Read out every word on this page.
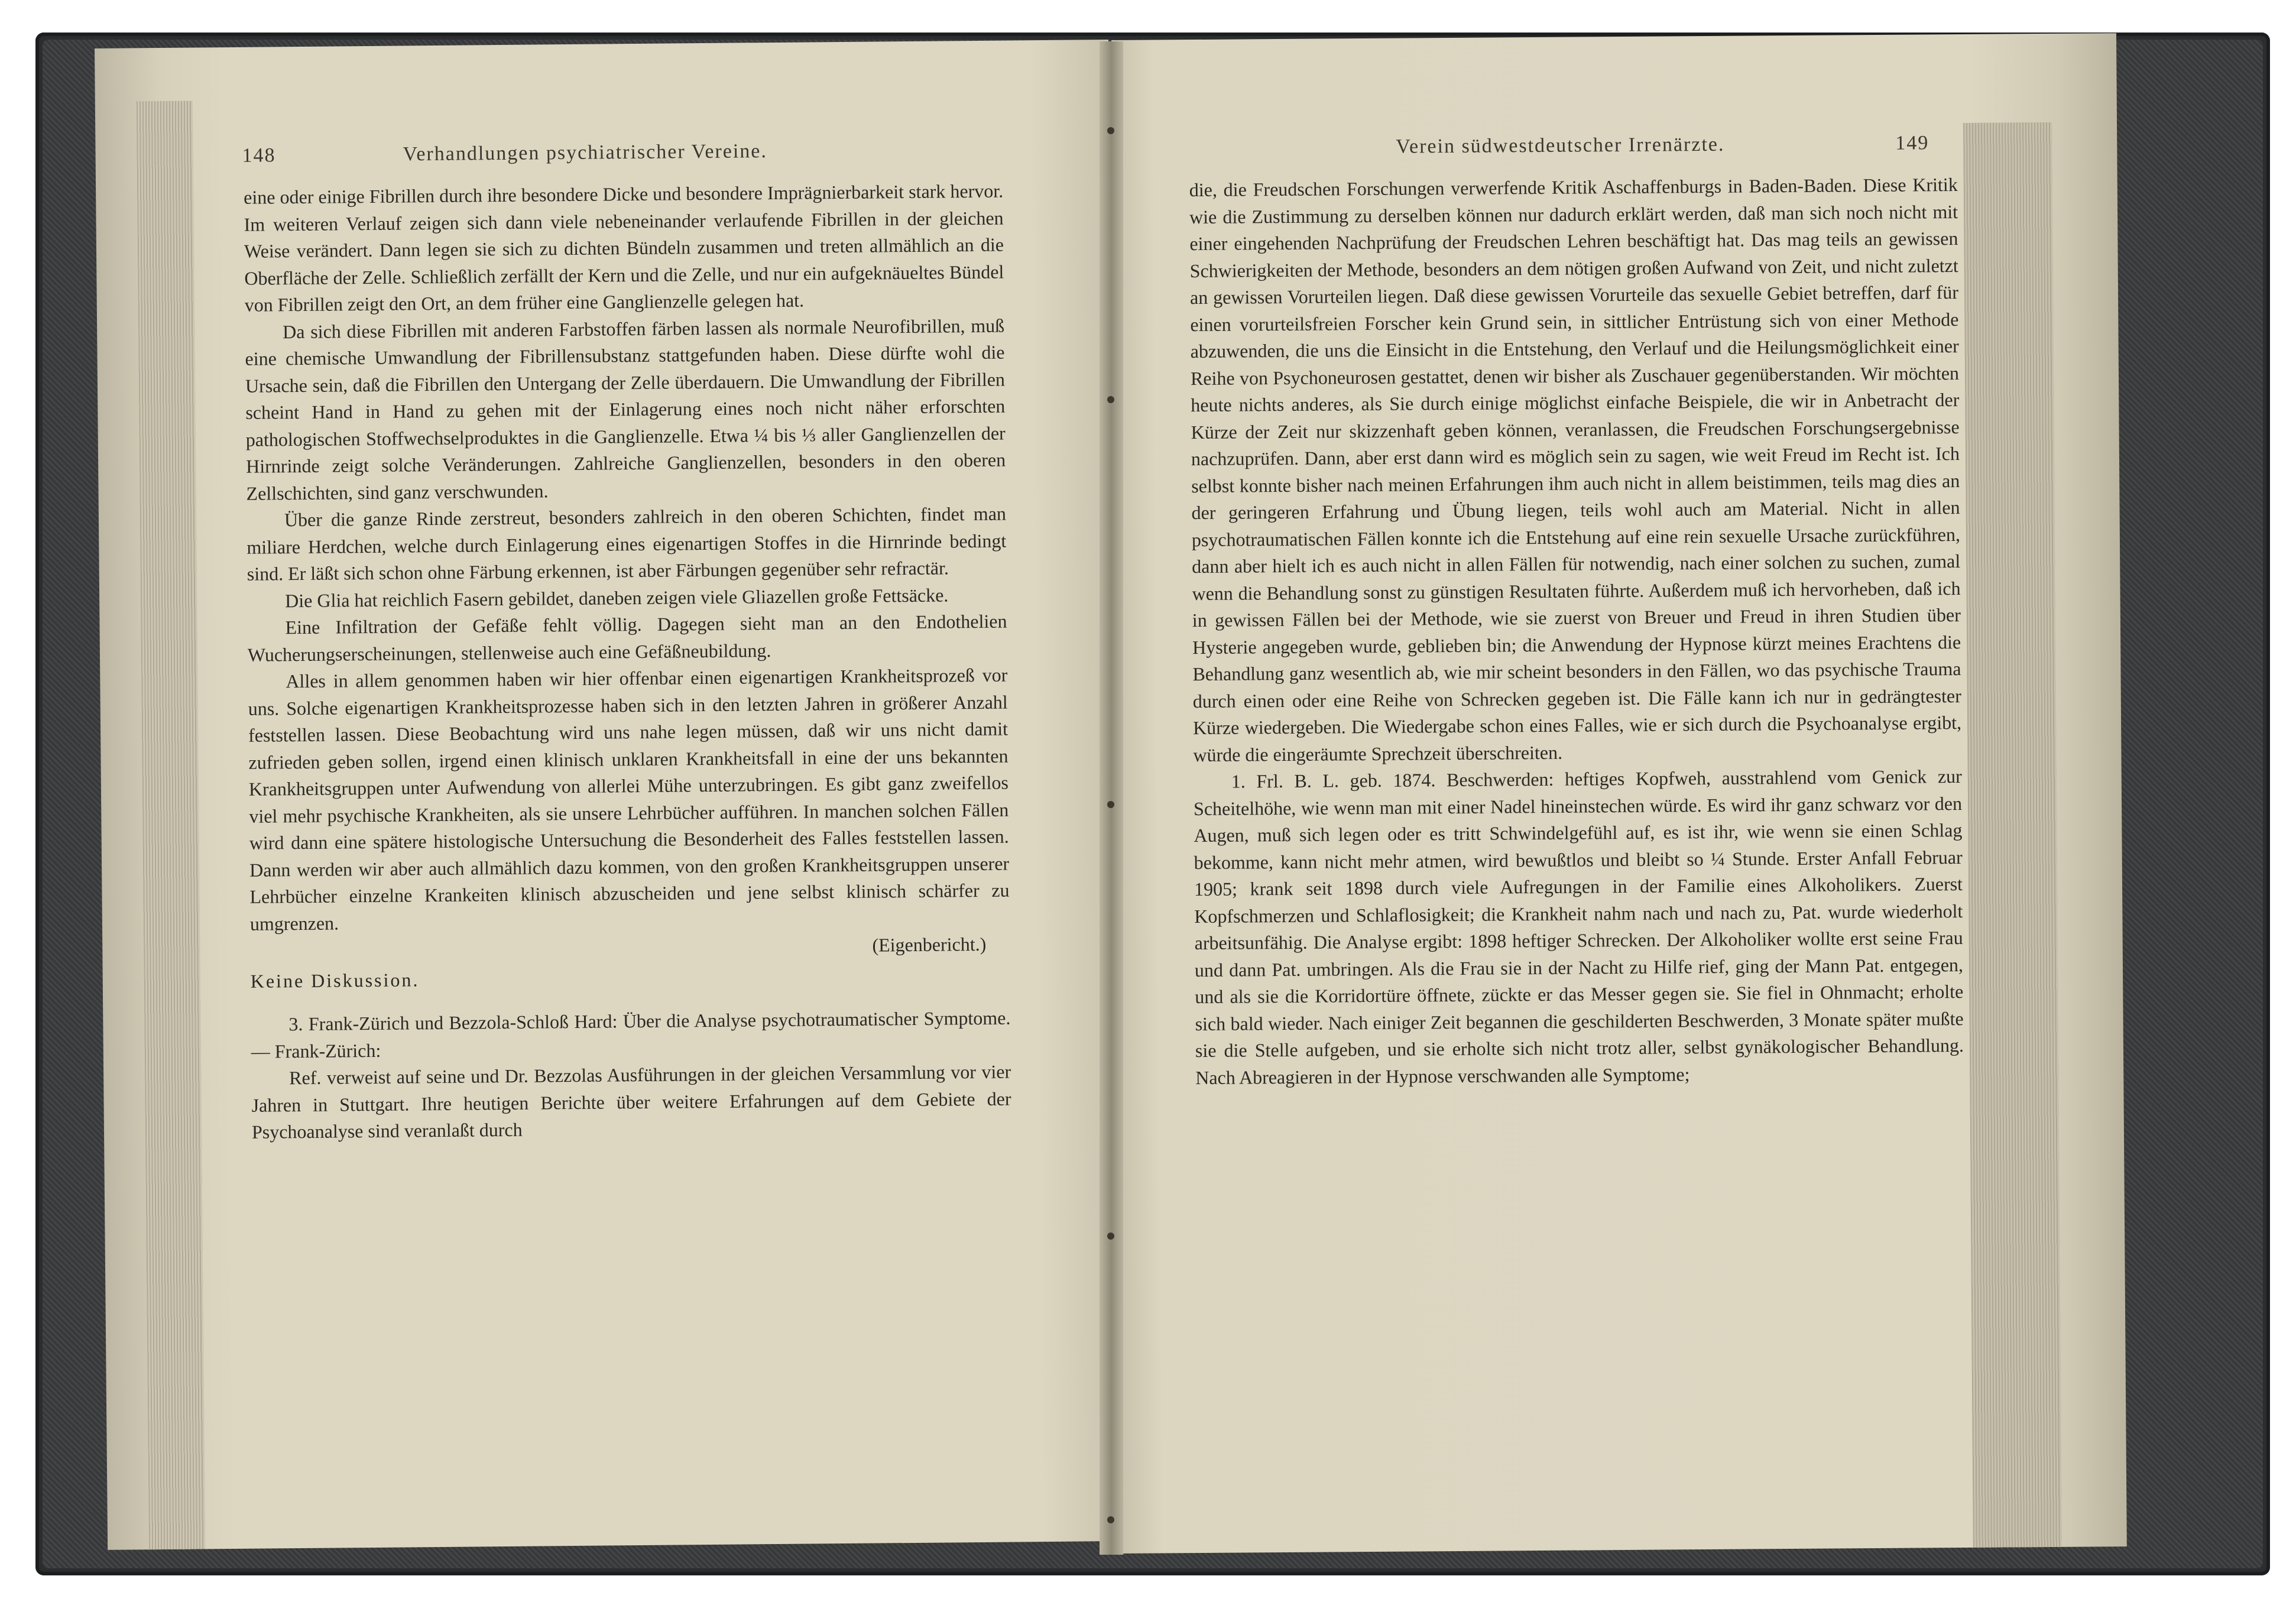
148	Verhandlungen psychiatrischer Vereine.

eine oder einige Fibrillen durch ihre besondere Dicke und besondere Imprägnierbarkeit stark hervor. Im weiteren Verlauf zeigen sich dann viele nebeneinander verlaufende Fibrillen in der gleichen Weise verändert. Dann legen sie sich zu dichten Bündeln zusammen und treten allmählich an die Oberfläche der Zelle. Schließlich zerfällt der Kern und die Zelle, und nur ein aufgeknäueltes Bündel von Fibrillen zeigt den Ort, an dem früher eine Ganglienzelle gelegen hat.

Da sich diese Fibrillen mit anderen Farbstoffen färben lassen als normale Neurofibrillen, muß eine chemische Umwandlung der Fibrillensubstanz stattgefunden haben. Diese dürfte wohl die Ursache sein, daß die Fibrillen den Untergang der Zelle überdauern. Die Umwandlung der Fibrillen scheint Hand in Hand zu gehen mit der Einlagerung eines noch nicht näher erforschten pathologischen Stoffwechselproduktes in die Ganglienzelle. Etwa ¼ bis ⅓ aller Ganglienzellen der Hirnrinde zeigt solche Veränderungen. Zahlreiche Ganglienzellen, besonders in den oberen Zellschichten, sind ganz verschwunden.

Über die ganze Rinde zerstreut, besonders zahlreich in den oberen Schichten, findet man miliare Herdchen, welche durch Einlagerung eines eigenartigen Stoffes in die Hirnrinde bedingt sind. Er läßt sich schon ohne Färbung erkennen, ist aber Färbungen gegenüber sehr refractär.

Die Glia hat reichlich Fasern gebildet, daneben zeigen viele Gliazellen große Fettsäcke.

Eine Infiltration der Gefäße fehlt völlig. Dagegen sieht man an den Endothelien Wucherungserscheinungen, stellenweise auch eine Gefäßneubildung.

Alles in allem genommen haben wir hier offenbar einen eigenartigen Krankheitsprozeß vor uns. Solche eigenartigen Krankheitsprozesse haben sich in den letzten Jahren in größerer Anzahl feststellen lassen. Diese Beobachtung wird uns nahe legen müssen, daß wir uns nicht damit zufrieden geben sollen, irgend einen klinisch unklaren Krankheitsfall in eine der uns bekannten Krankheitsgruppen unter Aufwendung von allerlei Mühe unterzubringen. Es gibt ganz zweifellos viel mehr psychische Krankheiten, als sie unsere Lehrbücher aufführen. In manchen solchen Fällen wird dann eine spätere histologische Untersuchung die Besonderheit des Falles feststellen lassen. Dann werden wir aber auch allmählich dazu kommen, von den großen Krankheitsgruppen unserer Lehrbücher einzelne Krankeiten klinisch abzuscheiden und jene selbst klinisch schärfer zu umgrenzen.

(Eigenbericht.)

Keine Diskussion.

3. Frank-Zürich und Bezzola-Schloß Hard: Über die Analyse psychotraumatischer Symptome. — Frank-Zürich:

Ref. verweist auf seine und Dr. Bezzolas Ausführungen in der gleichen Versammlung vor vier Jahren in Stuttgart. Ihre heutigen Berichte über weitere Erfahrungen auf dem Gebiete der Psychoanalyse sind veranlaßt durch

Verein südwestdeutscher Irrenärzte.	149

die, die Freudschen Forschungen verwerfende Kritik Aschaffenburgs in Baden-Baden. Diese Kritik wie die Zustimmung zu derselben können nur dadurch erklärt werden, daß man sich noch nicht mit einer eingehenden Nachprüfung der Freudschen Lehren beschäftigt hat. Das mag teils an gewissen Schwierigkeiten der Methode, besonders an dem nötigen großen Aufwand von Zeit, und nicht zuletzt an gewissen Vorurteilen liegen. Daß diese gewissen Vorurteile das sexuelle Gebiet betreffen, darf für einen vorurteilsfreien Forscher kein Grund sein, in sittlicher Entrüstung sich von einer Methode abzuwenden, die uns die Einsicht in die Entstehung, den Verlauf und die Heilungsmöglichkeit einer Reihe von Psychoneurosen gestattet, denen wir bisher als Zuschauer gegenüberstanden. Wir möchten heute nichts anderes, als Sie durch einige möglichst einfache Beispiele, die wir in Anbetracht der Kürze der Zeit nur skizzenhaft geben können, veranlassen, die Freudschen Forschungsergebnisse nachzuprüfen. Dann, aber erst dann wird es möglich sein zu sagen, wie weit Freud im Recht ist. Ich selbst konnte bisher nach meinen Erfahrungen ihm auch nicht in allem beistimmen, teils mag dies an der geringeren Erfahrung und Übung liegen, teils wohl auch am Material. Nicht in allen psychotraumatischen Fällen konnte ich die Entstehung auf eine rein sexuelle Ursache zurückführen, dann aber hielt ich es auch nicht in allen Fällen für notwendig, nach einer solchen zu suchen, zumal wenn die Behandlung sonst zu günstigen Resultaten führte. Außerdem muß ich hervorheben, daß ich in gewissen Fällen bei der Methode, wie sie zuerst von Breuer und Freud in ihren Studien über Hysterie angegeben wurde, geblieben bin; die Anwendung der Hypnose kürzt meines Erachtens die Behandlung ganz wesentlich ab, wie mir scheint besonders in den Fällen, wo das psychische Trauma durch einen oder eine Reihe von Schrecken gegeben ist. Die Fälle kann ich nur in gedrängtester Kürze wiedergeben. Die Wiedergabe schon eines Falles, wie er sich durch die Psychoanalyse ergibt, würde die eingeräumte Sprechzeit überschreiten.

1. Frl. B. L. geb. 1874. Beschwerden: heftiges Kopfweh, ausstrahlend vom Genick zur Scheitelhöhe, wie wenn man mit einer Nadel hineinstechen würde. Es wird ihr ganz schwarz vor den Augen, muß sich legen oder es tritt Schwindelgefühl auf, es ist ihr, wie wenn sie einen Schlag bekomme, kann nicht mehr atmen, wird bewußtlos und bleibt so ¼ Stunde. Erster Anfall Februar 1905; krank seit 1898 durch viele Aufregungen in der Familie eines Alkoholikers. Zuerst Kopfschmerzen und Schlaflosigkeit; die Krankheit nahm nach und nach zu, Pat. wurde wiederholt arbeitsunfähig. Die Analyse ergibt: 1898 heftiger Schrecken. Der Alkoholiker wollte erst seine Frau und dann Pat. umbringen. Als die Frau sie in der Nacht zu Hilfe rief, ging der Mann Pat. entgegen, und als sie die Korridortüre öffnete, zückte er das Messer gegen sie. Sie fiel in Ohnmacht; erholte sich bald wieder. Nach einiger Zeit begannen die geschilderten Beschwerden, 3 Monate später mußte sie die Stelle aufgeben, und sie erholte sich nicht trotz aller, selbst gynäkologischer Behandlung. Nach Abreagieren in der Hypnose verschwanden alle Symptome;
